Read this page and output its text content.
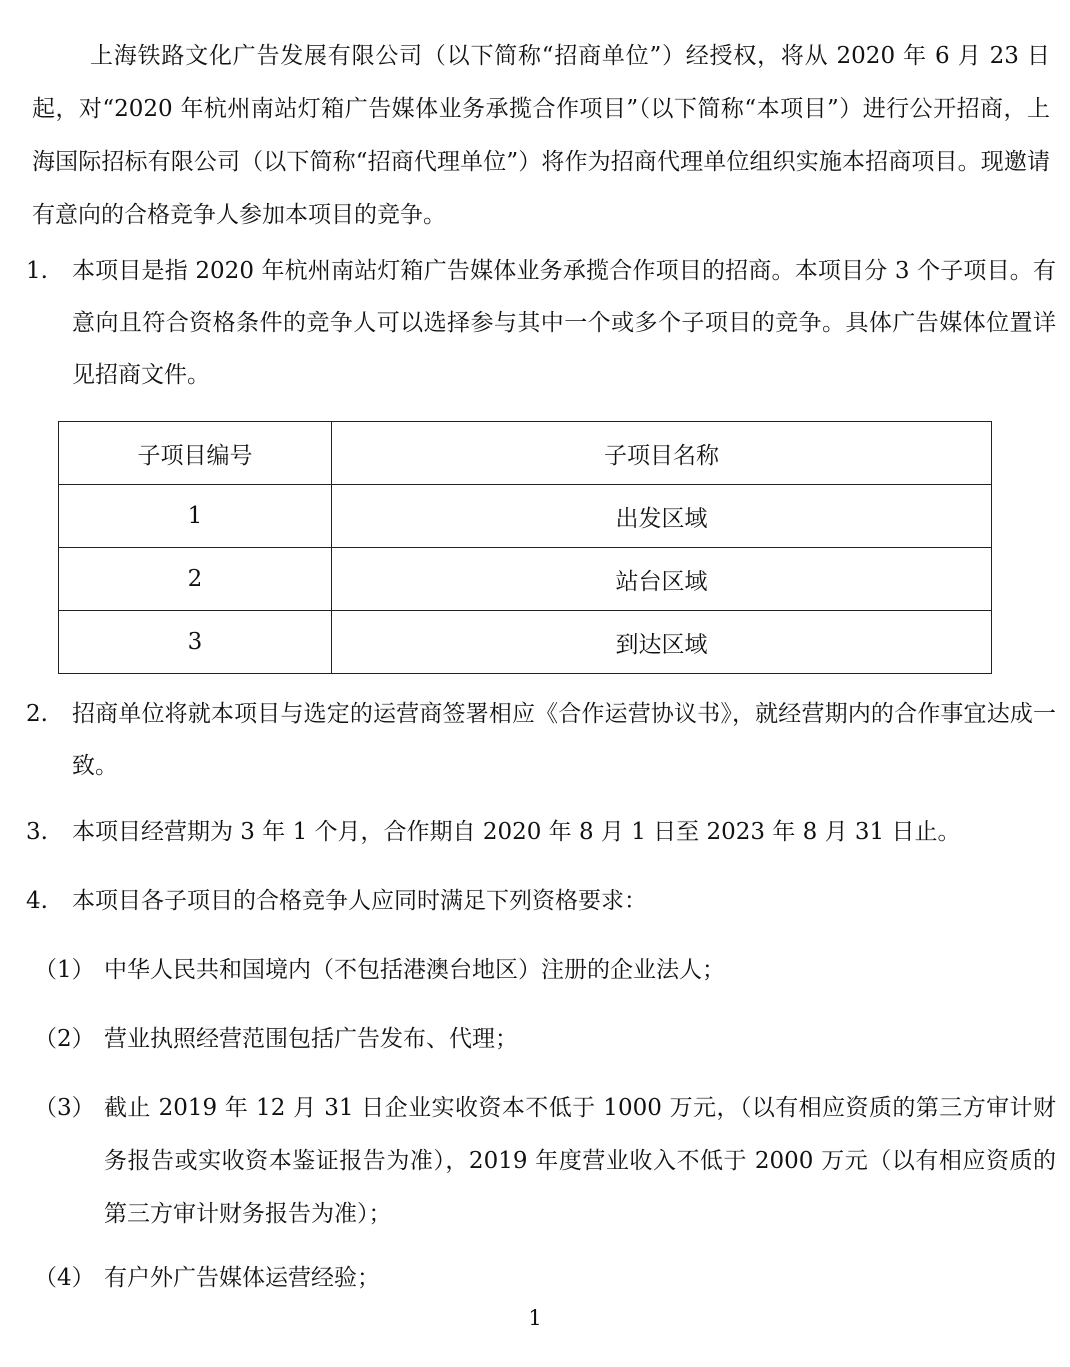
上海铁路文化广告发展有限公司（以下简称“招商单位”）经授权，将从 2020 年 6 月 23 日起，对“2020 年杭州南站灯箱广告媒体业务承揽合作项目”（以下简称“本项目”）进行公开招商，上海国际招标有限公司（以下简称“招商代理单位”）将作为招商代理单位组织实施本招商项目。现邀请有意向的合格竞争人参加本项目的竞争。

1.	本项目是指 2020 年杭州南站灯箱广告媒体业务承揽合作项目的招商。本项目分 3 个子项目。有意向且符合资格条件的竞争人可以选择参与其中一个或多个子项目的竞争。具体广告媒体位置详见招商文件。
子项目编号	子项目名称
1	出发区域
2	站台区域
3	到达区域
2.	招商单位将就本项目与选定的运营商签署相应《合作运营协议书》，就经营期内的合作事宜达成一致。
3.	本项目经营期为 3 年 1 个月，合作期自 2020 年 8 月 1 日至 2023 年 8 月 31 日止。
4.	本项目各子项目的合格竞争人应同时满足下列资格要求：
（1） 中华人民共和国境内（不包括港澳台地区）注册的企业法人；
（2） 营业执照经营范围包括广告发布、代理；
（3） 截止 2019 年 12 月 31 日企业实收资本不低于 1000 万元，（以有相应资质的第三方审计财务报告或实收资本鉴证报告为准），2019 年度营业收入不低于 2000 万元（以有相应资质的第三方审计财务报告为准）；
（4） 有户外广告媒体运营经验；
1
